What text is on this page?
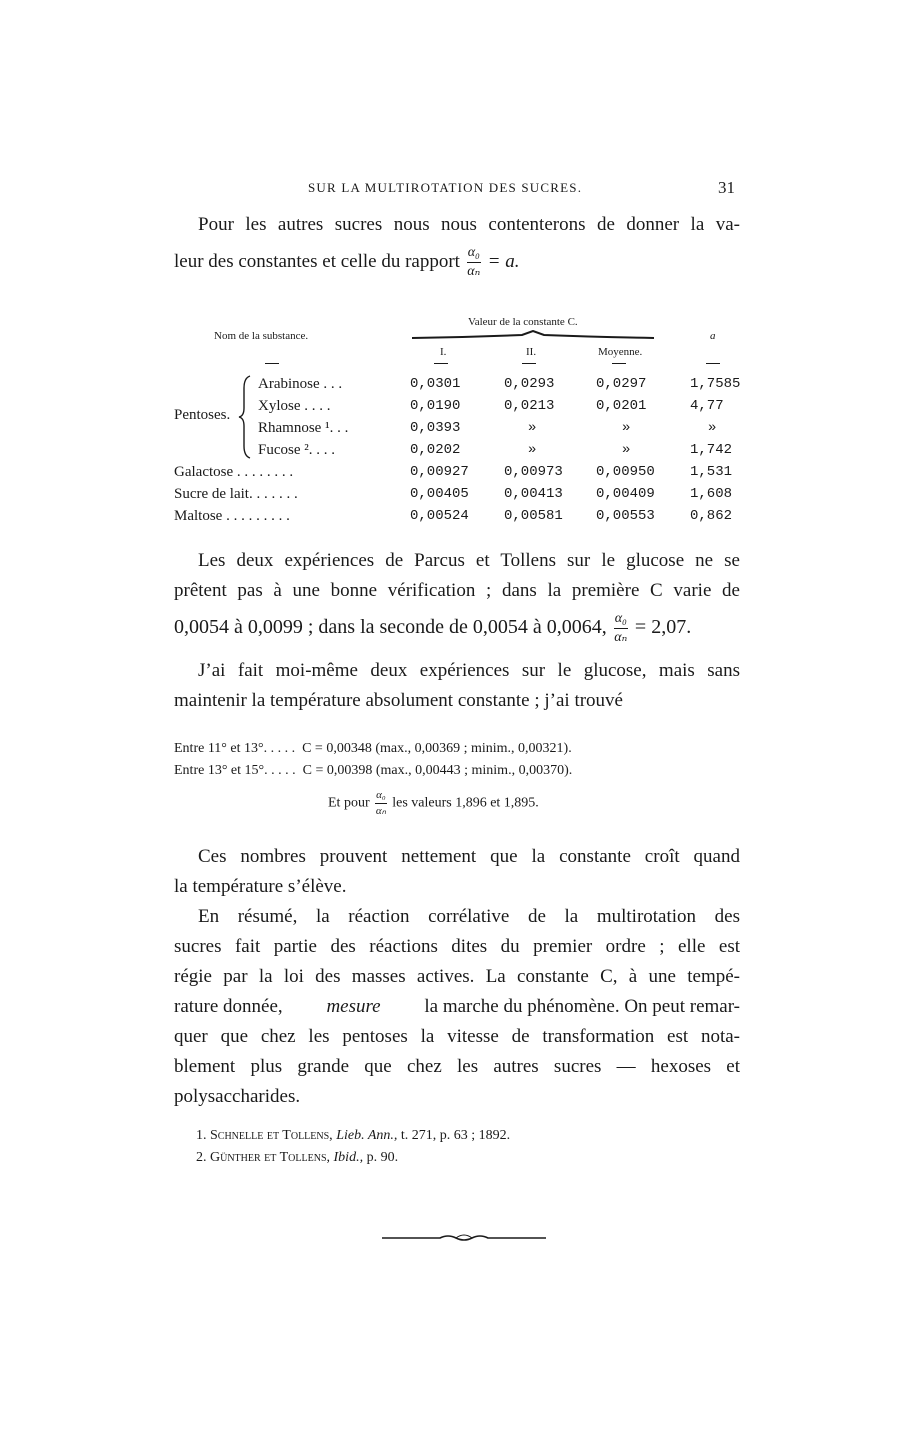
SUR LA MULTIROTATION DES SUCRES.	31
Pour les autres sucres nous nous contenterons de donner la va-
leur des constantes et celle du rapport $\frac{\text{α₀}}{\text{αₙ}} = a$.
Nom de la substance.
Valeur de la constante C.
I.	II.	Moyenne.
a
Pentoses.
Arabinose . . .	0,0301	0,0293	0,0297	1,7585
Xylose . . . .	0,0190	0,0213	0,0201	4,77
Rhamnose ¹. . .	0,0393	»	»	»
Fucose ². . . .	0,0202	»	»	1,742
Galactose . . . . . . . .	0,00927	0,00973 0,00950	1,531
Sucre de lait. . . . . . .	0,00405	0,00413 0,00409	1,608
Maltose . . . . . . . . .	0,00524	0,00581 0,00553	0,862
Les deux expériences de Parcus et Tollens sur le glucose ne se
prêtent pas à une bonne vérification ; dans la première C varie de
0,0054 à 0,0099 ; dans la seconde de 0,0054 à 0,0064, $\frac{\text{α₀}}{\text{αₙ}} = 2,07$.
J’ai fait moi-même deux expériences sur le glucose, mais sans
maintenir la température absolument constante ; j’ai trouvé
Entre 11° et 13°. . . . .  C = 0,00348 (max., 0,00369 ; minim., 0,00321).
Entre 13° et 15°. . . . .  C = 0,00398 (max., 0,00443 ; minim., 0,00370).
Et pour $\frac{\text{α₀}}{\text{αₙ}}$ les valeurs 1,896 et 1,895.
Ces nombres prouvent nettement que la constante croît quand
la température s’élève.
En résumé, la réaction corrélative de la multirotation des
sucres fait partie des réactions dites du premier ordre ; elle est
régie par la loi des masses actives. La constante C, à une tempé-
rature donnée, mesure la marche du phénomène. On peut remar-
quer que chez les pentoses la vitesse de transformation est nota-
blement plus grande que chez les autres sucres — hexoses et
polysaccharides.
1. Schnelle et Tollens, Lieb. Ann., t. 271, p. 63 ; 1892.
2. Günther et Tollens, Ibid., p. 90.
